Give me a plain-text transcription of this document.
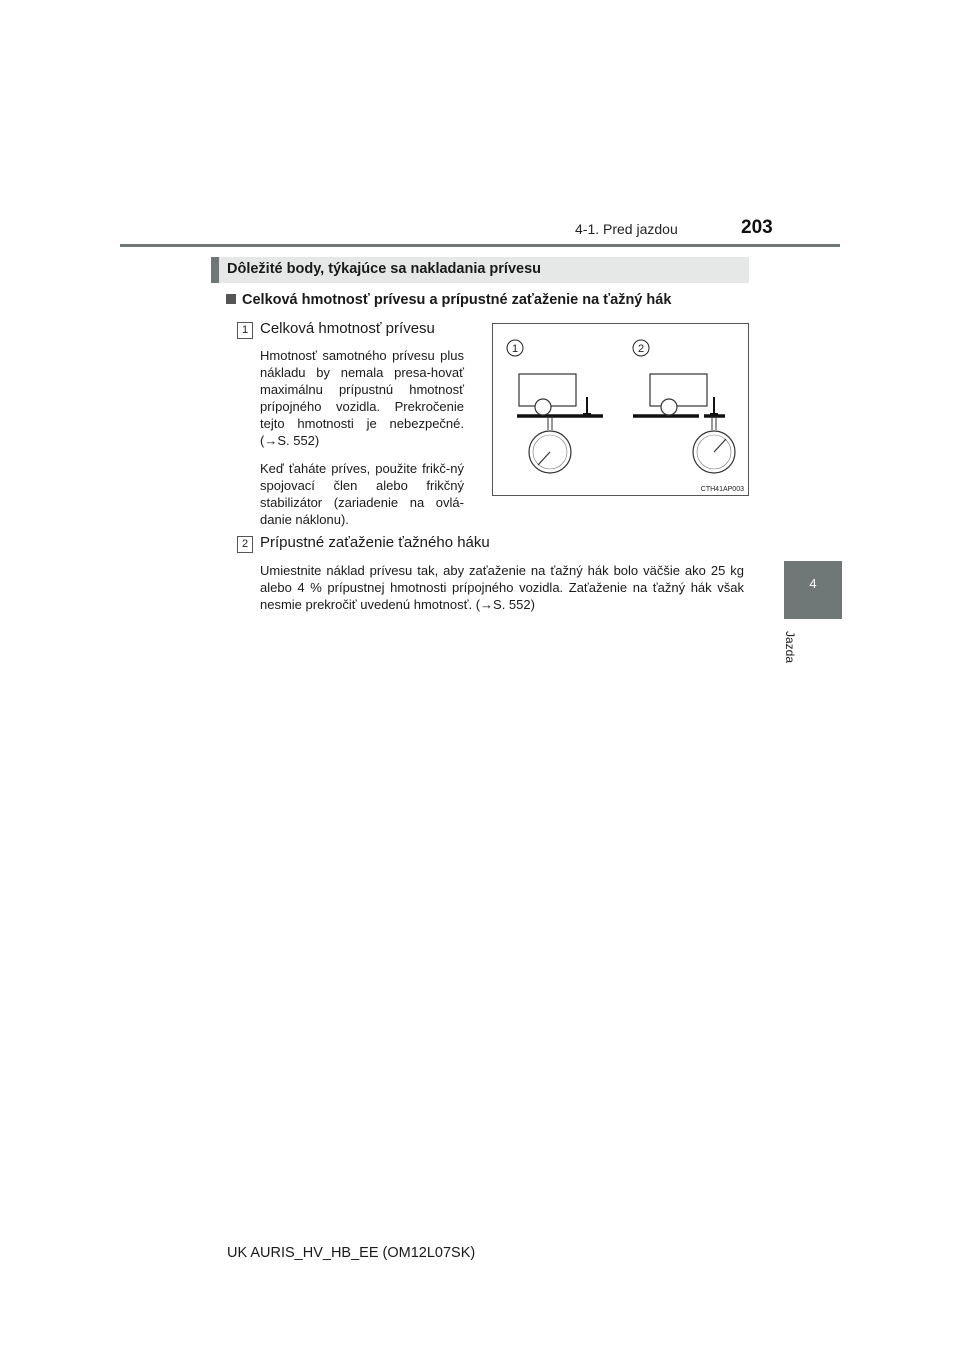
4-1. Pred jazdou	203
4
Jazda
Dôležité body, týkajúce sa nakladania prívesu
Celková hmotnosť prívesu a prípustné zaťaženie na ťažný hák
1 Celková hmotnosť prívesu
Hmotnosť samotného prívesu plus nákladu by nemala presa-hovať maximálnu prípustnú hmotnosť prípojného vozidla. Prekročenie tejto hmotnosti je nebezpečné. (→S. 552)
Keď ťaháte príves, použite frikč-ný spojovací člen alebo frikčný stabilizátor (zariadenie na ovlá-danie náklonu).
1	2
CTH41AP003
2 Prípustné zaťaženie ťažného háku
Umiestnite náklad prívesu tak, aby zaťaženie na ťažný hák bolo väčšie ako 25 kg alebo 4 % prípustnej hmotnosti prípojného vozidla. Zaťaženie na ťažný hák však nesmie prekročiť uvedenú hmotnosť. (→S. 552)
UK AURIS_HV_HB_EE (OM12L07SK)
